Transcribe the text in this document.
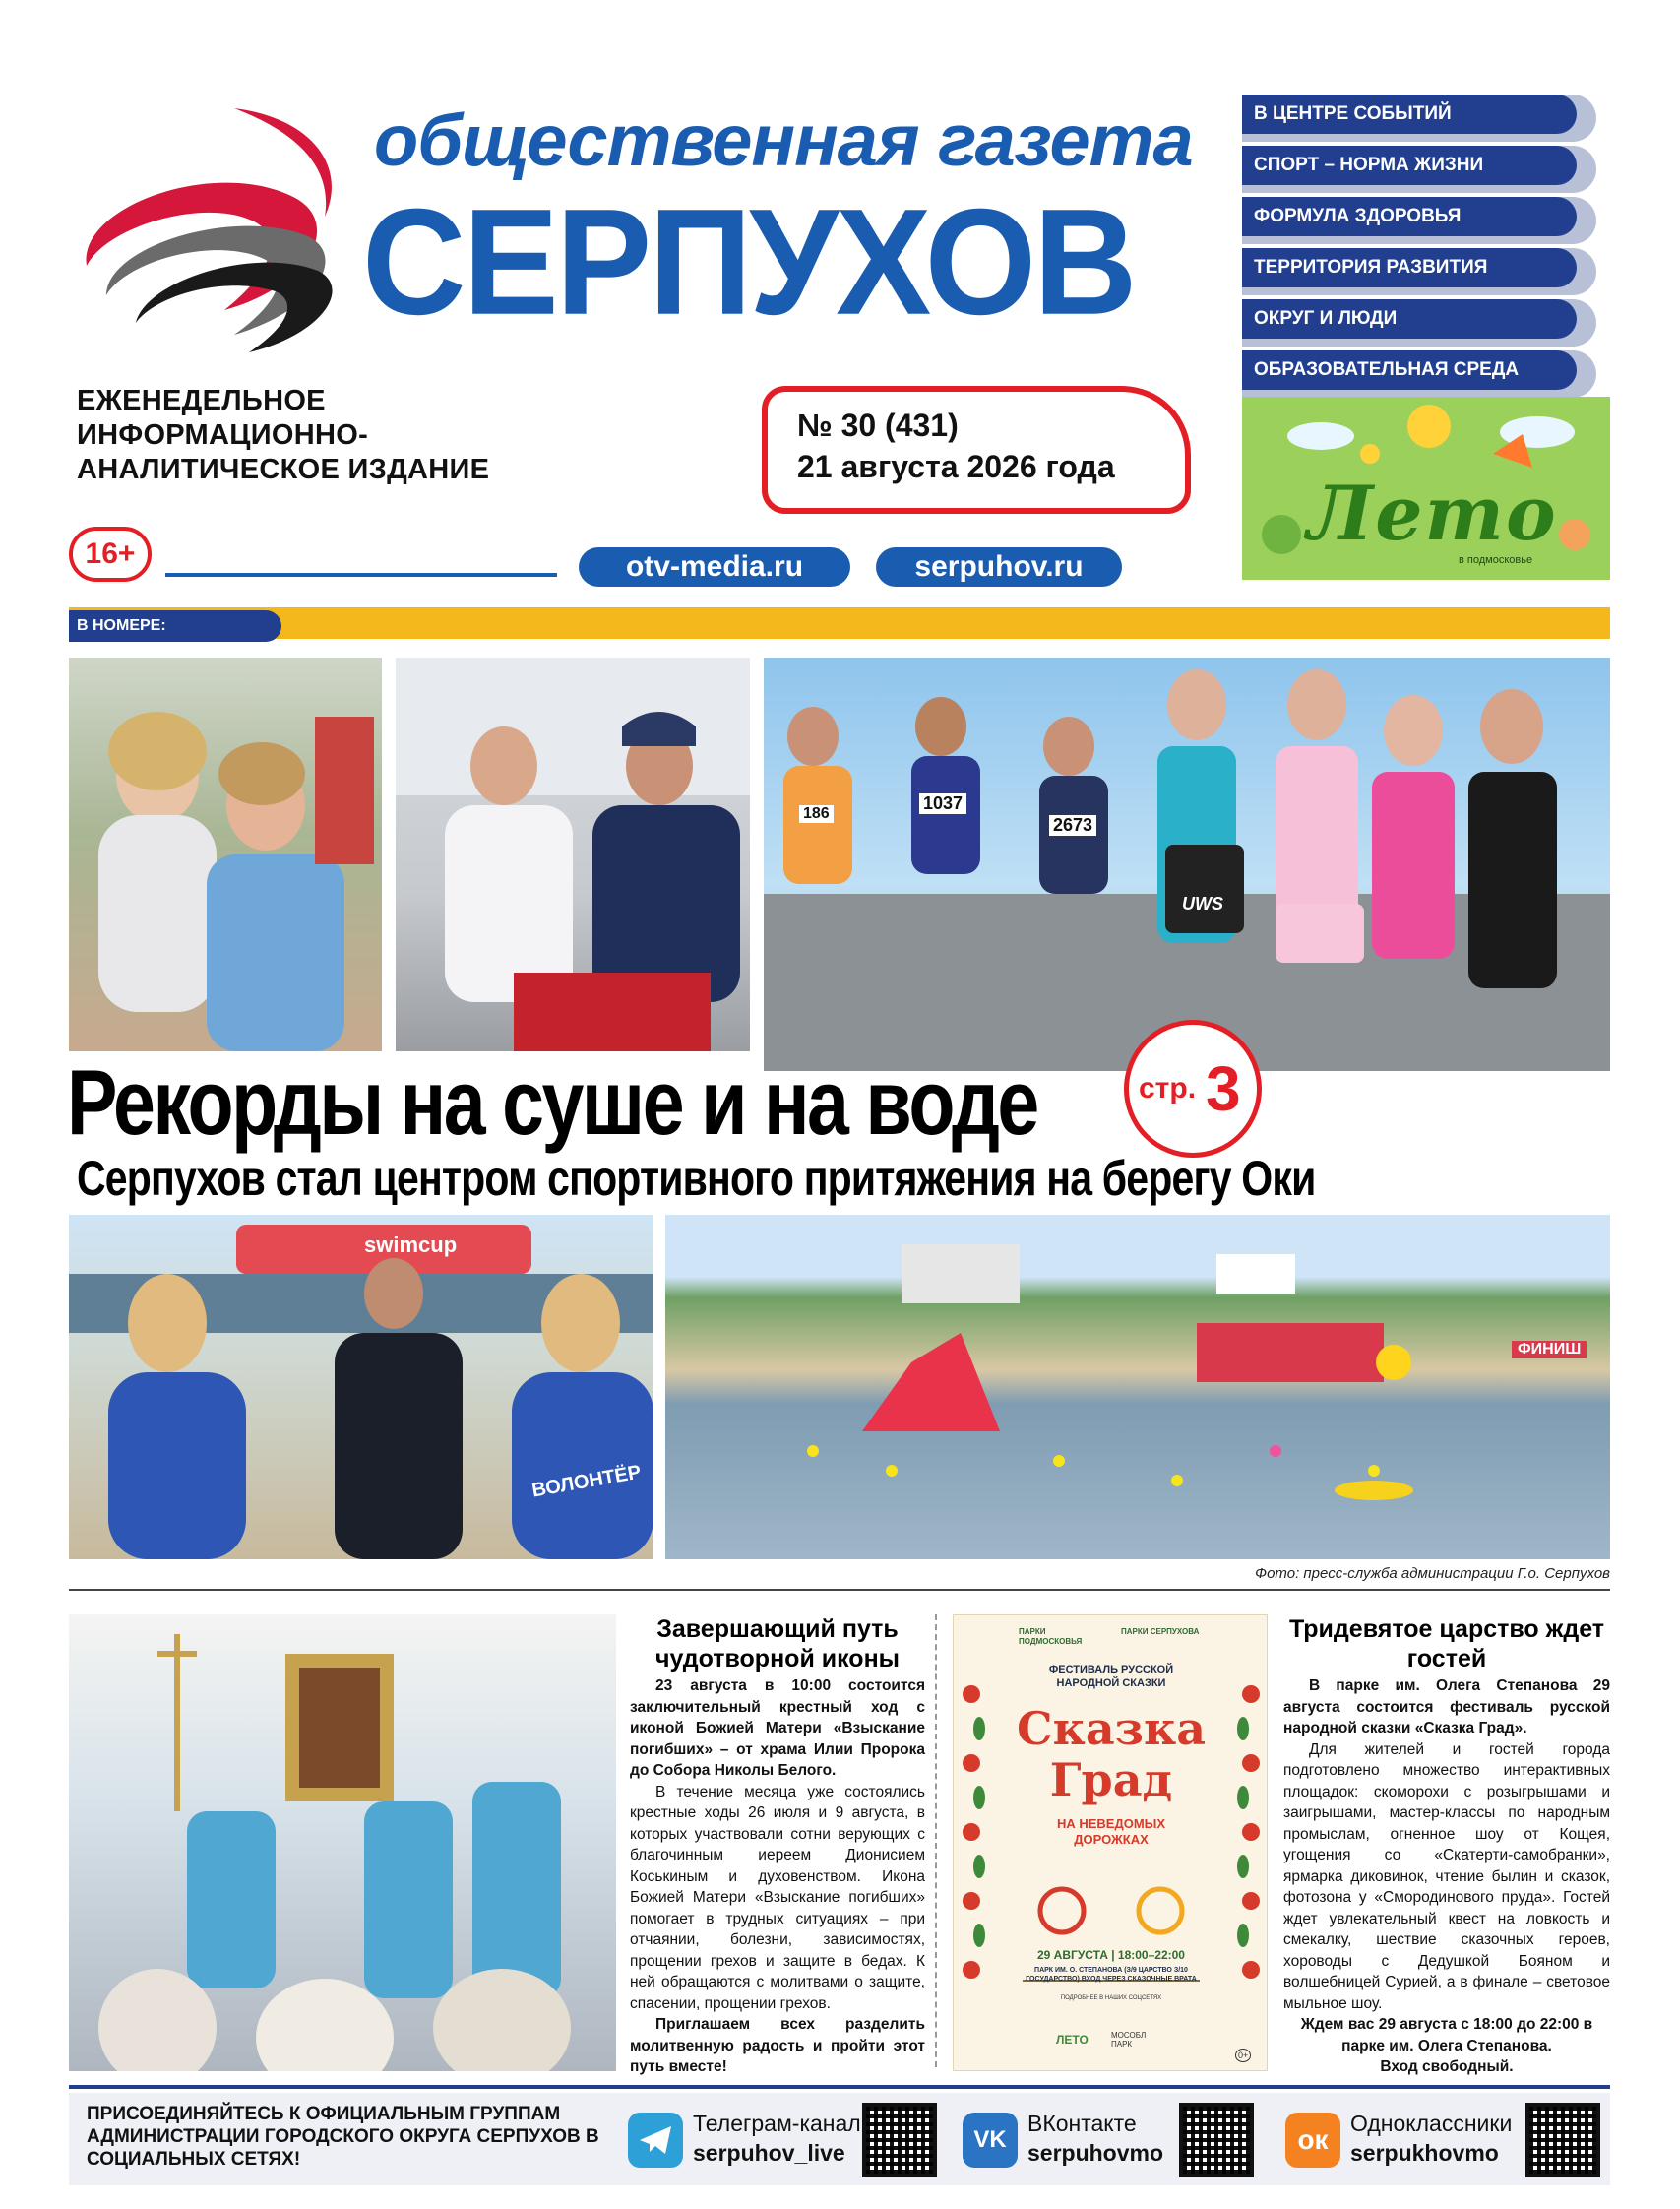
общественная газета
СЕРПУХОВ
ЕЖЕНЕДЕЛЬНОЕ
ИНФОРМАЦИОННО-
АНАЛИТИЧЕСКОЕ ИЗДАНИЕ
№ 30 (431)
21 августа 2026 года
16+	otv-media.ru	serpuhov.ru
В ЦЕНТРЕ СОБЫТИЙ
СПОРТ – НОРМА ЖИЗНИ
ФОРМУЛА ЗДОРОВЬЯ
ТЕРРИТОРИЯ РАЗВИТИЯ
ОКРУГ И ЛЮДИ
ОБРАЗОВАТЕЛЬНАЯ СРЕДА
Лето
в подмосковье
В НОМЕРЕ:
1037
2673
186
UWS
Рекорды на суше и на воде	стр. 3
Серпухов стал центром спортивного притяжения на берегу Оки
swimcup
ВОЛОНТЁР
ФИНИШ
Фото: пресс-служба администрации Г.о. Серпухов
Завершающий путь чудотворной иконы

23 августа в 10:00 состоится заключительный крестный ход с иконой Божией Матери «Взыскание погибших» – от храма Илии Пророка до Собора Николы Белого.

В течение месяца уже состоялись крестные ходы 26 июля и 9 августа, в которых участвовали сотни верующих с благочинным иереем Дионисием Коськиным и духовенством. Икона Божией Матери «Взыскание погибших» помогает в трудных ситуациях – при отчаянии, болезни, зависимостях, прощении грехов и защите в бедах. К ней обращаются с молитвами о защите, спасении, прощении грехов.

Приглашаем всех разделить молитвенную радость и пройти этот путь вместе!

ПАРКИ ПОДМОСКОВЬЯ
ПАРКИ СЕРПУХОВА
ФЕСТИВАЛЬ РУССКОЙ НАРОДНОЙ СКАЗКИ
Сказка
Град
НА НЕВЕДОМЫХ ДОРОЖКАХ
29 АВГУСТА | 18:00–22:00
ПАРК ИМ. О. СТЕПАНОВА (З/9 ЦАРСТВО З/10 ГОСУДАРСТВО) ВХОД ЧЕРЕЗ СКАЗОЧНЫЕ ВРАТА
ПОДРОБНЕЕ В НАШИХ СОЦСЕТЯХ
ЛЕТО	МОСОБЛ ПАРК
0+
Тридевятое царство ждет гостей

В парке им. Олега Степанова 29 августа состоится фестиваль русской народной сказки «Сказка Град».

Для жителей и гостей города подготовлено множество интерактивных площадок: скоморохи с розыгрышами и заигрышами, мастер-классы по народным промыслам, огненное шоу от Кощея, угощения со «Скатерти-самобранки», ярмарка диковинок, чтение былин и сказок, фотозона у «Смородинового пруда». Гостей ждет увлекательный квест на ловкость и смекалку, шествие сказочных героев, хороводы с Дедушкой Бояном и волшебницей Сурией, а в финале – световое мыльное шоу.

Ждем вас 29 августа с 18:00 до 22:00 в парке им. Олега Степанова.

Вход свободный.

ПРИСОЕДИНЯЙТЕСЬ К ОФИЦИАЛЬНЫМ ГРУППАМ АДМИНИСТРАЦИИ ГОРОДСКОГО ОКРУГА СЕРПУХОВ В СОЦИАЛЬНЫХ СЕТЯХ!
Телеграм-канал
serpuhov_live	VK
ВКонтакте
serpuhovmo	ок
Одноклассники
serpukhovmo
